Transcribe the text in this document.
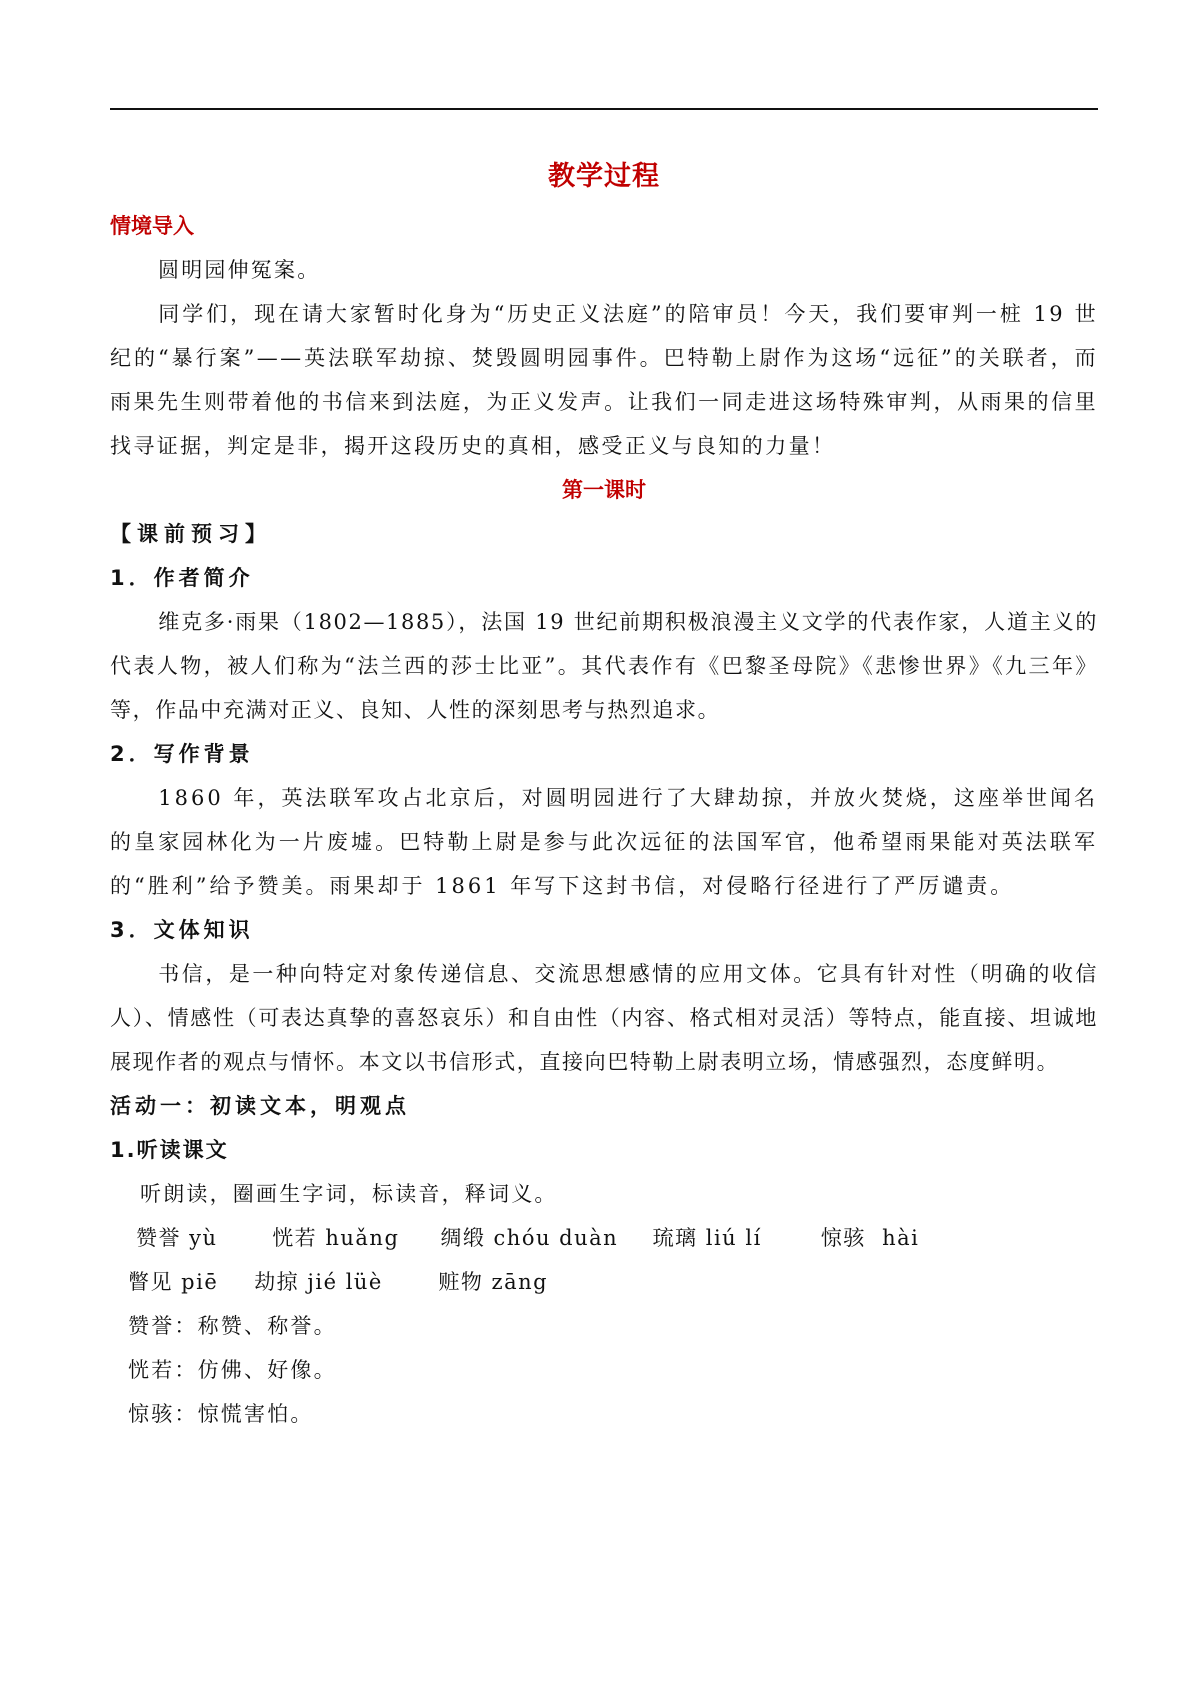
教学过程
情境导入
圆明园伸冤案。

同学们，现在请大家暂时化身为“历史正义法庭”的陪审员！今天，我们要审判一桩 19 世纪的“暴行案”——英法联军劫掠、焚毁圆明园事件。巴特勒上尉作为这场“远征”的关联者，而雨果先生则带着他的书信来到法庭，为正义发声。让我们一同走进这场特殊审判，从雨果的信里找寻证据，判定是非，揭开这段历史的真相，感受正义与良知的力量！

第一课时
【课前预习】
1．作者简介

维克多·雨果（1802—1885），法国 19 世纪前期积极浪漫主义文学的代表作家，人道主义的代表人物，被人们称为“法兰西的莎士比亚”。其代表作有《巴黎圣母院》《悲惨世界》《九三年》等，作品中充满对正义、良知、人性的深刻思考与热烈追求。

2．写作背景

1860 年，英法联军攻占北京后，对圆明园进行了大肆劫掠，并放火焚烧，这座举世闻名的皇家园林化为一片废墟。巴特勒上尉是参与此次远征的法国军官，他希望雨果能对英法联军的“胜利”给予赞美。雨果却于 1861 年写下这封书信，对侵略行径进行了严厉谴责。

3．文体知识

书信，是一种向特定对象传递信息、交流思想感情的应用文体。它具有针对性（明确的收信人）、情感性（可表达真挚的喜怒哀乐）和自由性（内容、格式相对灵活）等特点，能直接、坦诚地展现作者的观点与情怀。本文以书信形式，直接向巴特勒上尉表明立场，情感强烈，态度鲜明。

活动一：初读文本，明观点
1.听读课文
听朗读，圈画生字词，标读音，释词义。
赞誉 yù	恍若 huǎng 绸缎 chóu duàn 琉璃 liú lí	惊骇  hài
瞥见 piē 劫掠 jié lüè	赃物 zāng
赞誉：称赞、称誉。
恍若：仿佛、好像。
惊骇：惊慌害怕。
